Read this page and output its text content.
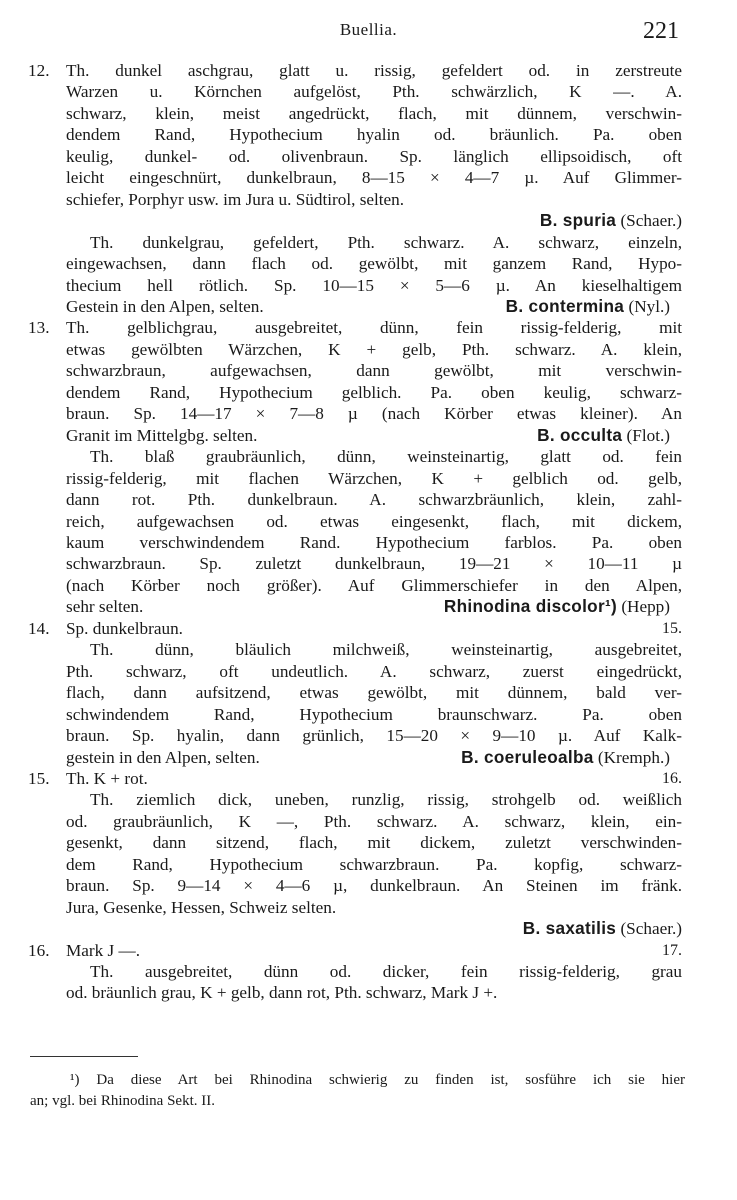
Buellia.	221
12. Th. dunkel aschgrau, glatt u. rissig, gefeldert od. in zerstreute
Warzen u. Körnchen aufgelöst, Pth. schwärzlich, K —. A.
schwarz, klein, meist angedrückt, flach, mit dünnem, verschwin-
dendem Rand, Hypothecium hyalin od. bräunlich. Pa. oben
keulig, dunkel- od. olivenbraun. Sp. länglich ellipsoidisch, oft
leicht eingeschnürt, dunkelbraun, 8—15 × 4—7 µ. Auf Glimmer-
schiefer, Porphyr usw. im Jura u. Südtirol, selten.
B. spuria (Schaer.)
Th. dunkelgrau, gefeldert, Pth. schwarz. A. schwarz, einzeln,
eingewachsen, dann flach od. gewölbt, mit ganzem Rand, Hypo-
thecium hell rötlich. Sp. 10—15 × 5—6 µ. An kieselhaltigem
Gestein in den Alpen, selten.	B. contermina (Nyl.)
13. Th. gelblichgrau, ausgebreitet, dünn, fein rissig-felderig, mit
etwas gewölbten Wärzchen, K + gelb, Pth. schwarz. A. klein,
schwarzbraun, aufgewachsen, dann gewölbt, mit verschwin-
dendem Rand, Hypothecium gelblich. Pa. oben keulig, schwarz-
braun. Sp. 14—17 × 7—8 µ (nach Körber etwas kleiner). An
Granit im Mittelgbg. selten.	B. occulta (Flot.)
Th. blaß graubräunlich, dünn, weinsteinartig, glatt od. fein
rissig-felderig, mit flachen Wärzchen, K + gelblich od. gelb,
dann rot. Pth. dunkelbraun. A. schwarzbräunlich, klein, zahl-
reich, aufgewachsen od. etwas eingesenkt, flach, mit dickem,
kaum verschwindendem Rand. Hypothecium farblos. Pa. oben
schwarzbraun. Sp. zuletzt dunkelbraun, 19—21 × 10—11 µ
(nach Körber noch größer). Auf Glimmerschiefer in den Alpen,
sehr selten.	Rhinodina discolor¹) (Hepp)
14. Sp. dunkelbraun.	15.
Th. dünn, bläulich milchweiß, weinsteinartig, ausgebreitet,
Pth. schwarz, oft undeutlich. A. schwarz, zuerst eingedrückt,
flach, dann aufsitzend, etwas gewölbt, mit dünnem, bald ver-
schwindendem Rand, Hypothecium braunschwarz. Pa. oben
braun. Sp. hyalin, dann grünlich, 15—20 × 9—10 µ. Auf Kalk-
gestein in den Alpen, selten.	B. coeruleoalba (Kremph.)
15. Th. K + rot.	16.
Th. ziemlich dick, uneben, runzlig, rissig, strohgelb od. weißlich
od. graubräunlich, K —, Pth. schwarz. A. schwarz, klein, ein-
gesenkt, dann sitzend, flach, mit dickem, zuletzt verschwinden-
dem Rand, Hypothecium schwarzbraun. Pa. kopfig, schwarz-
braun. Sp. 9—14 × 4—6 µ, dunkelbraun. An Steinen im fränk.
Jura, Gesenke, Hessen, Schweiz selten.
B. saxatilis (Schaer.)
16. Mark J —.	17.
Th. ausgebreitet, dünn od. dicker, fein rissig-felderig, grau
od. bräunlich grau, K + gelb, dann rot, Pth. schwarz, Mark J +.
¹) Da diese Art bei Rhinodina schwierig zu finden ist, sosführe ich sie hier
an; vgl. bei Rhinodina Sekt. II.
